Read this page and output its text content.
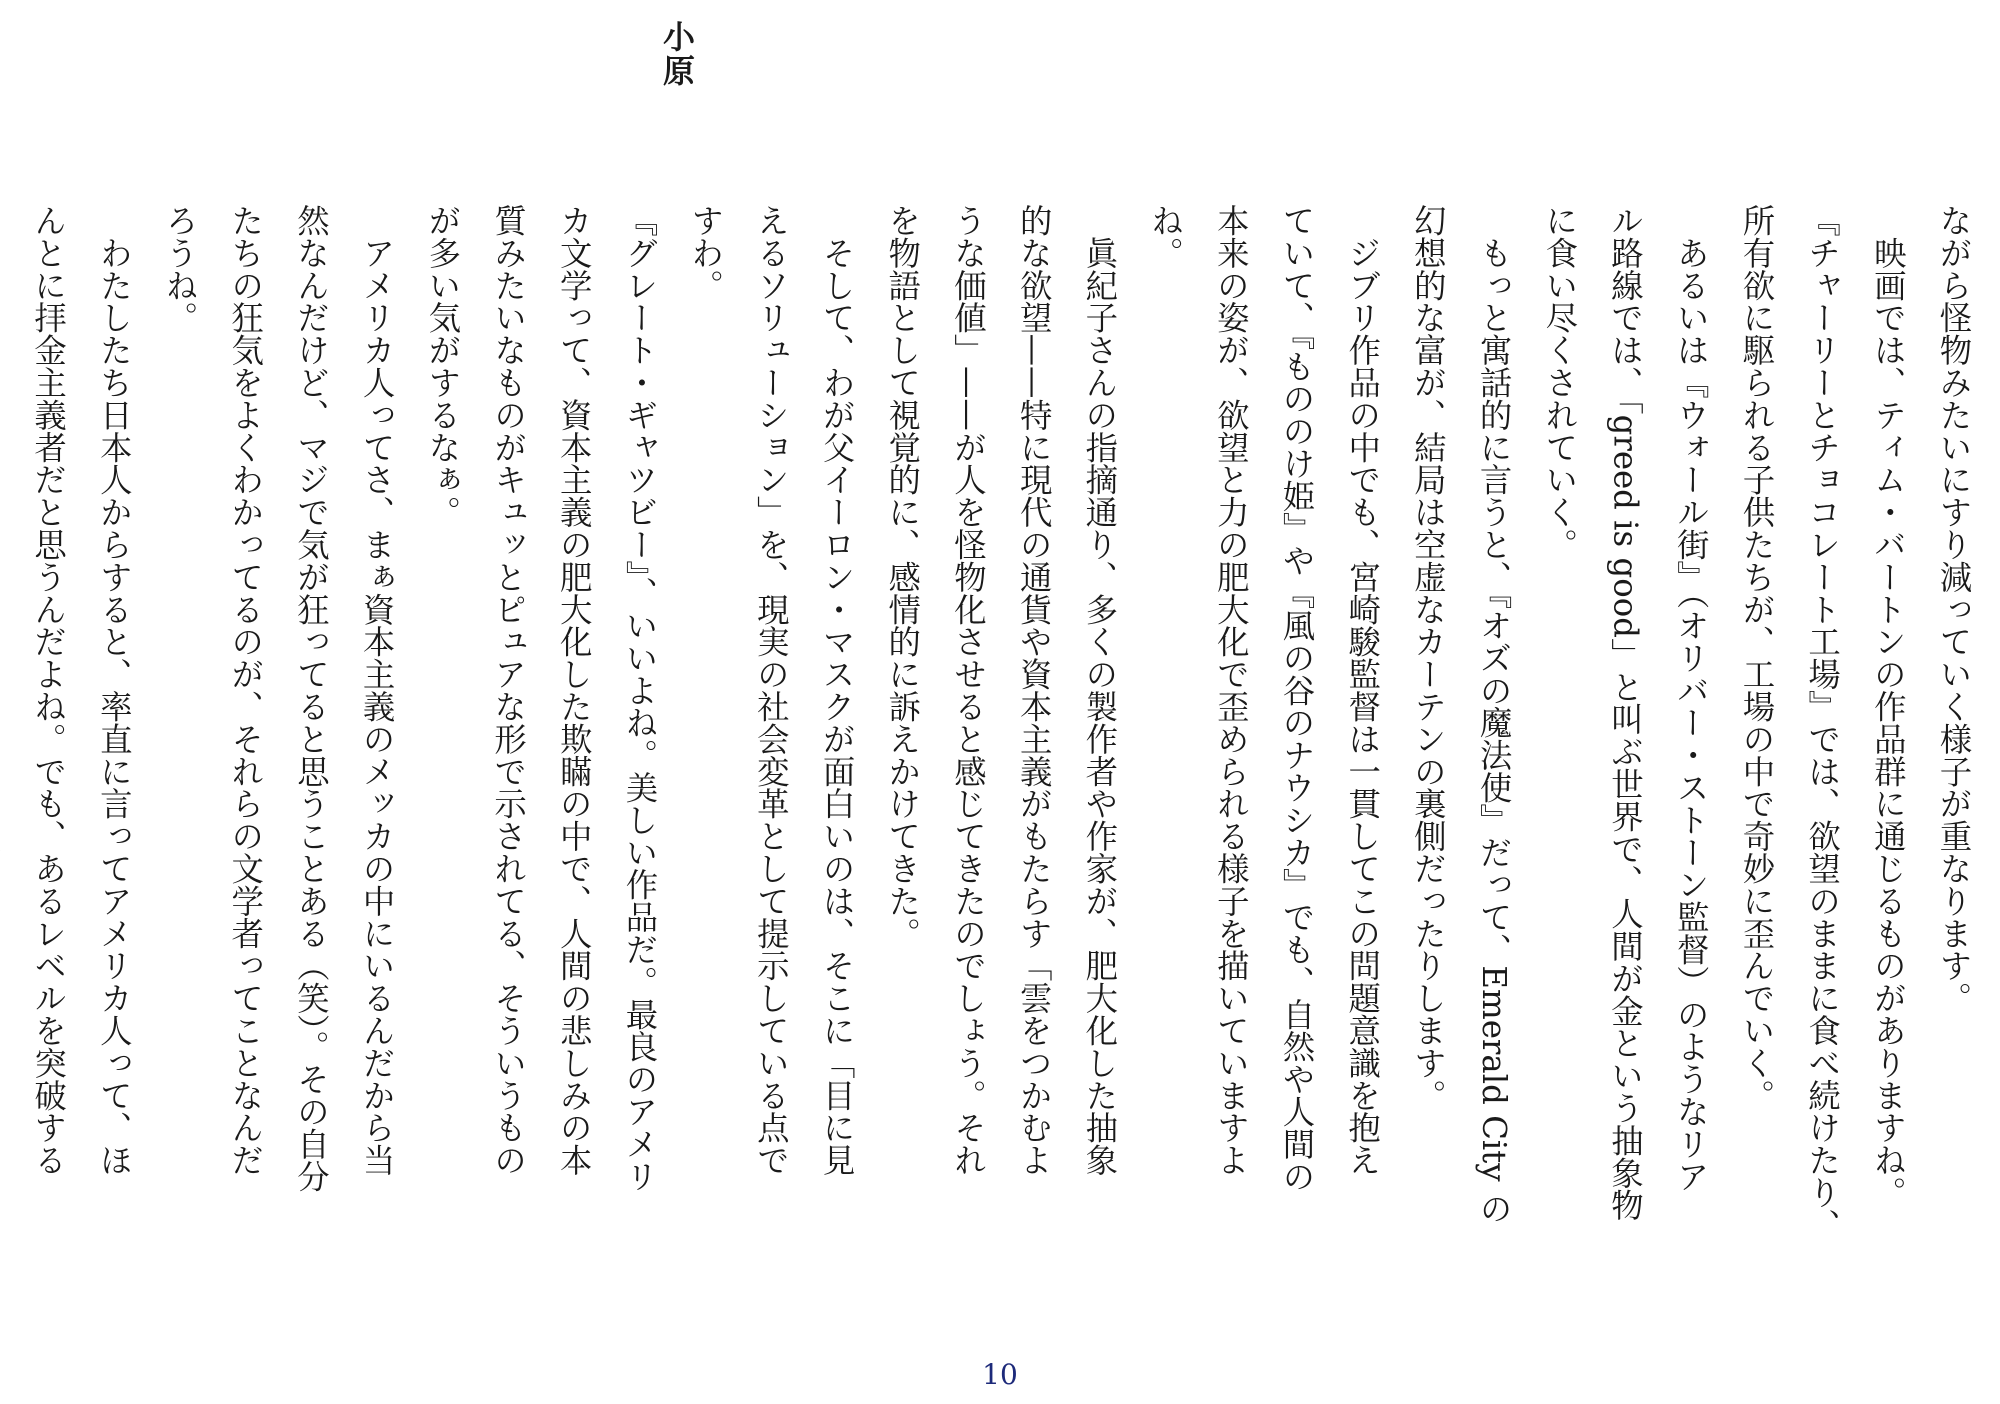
小原

ながら怪物みたいにすり減っていく様子が重なります。

　映画では、ティム・バートンの作品群に通じるものがありますね。

『チャーリーとチョコレート工場』では、欲望のままに食べ続けたり、

所有欲に駆られる子供たちが、工場の中で奇妙に歪んでいく。

　あるいは『ウォール街』（オリバー・ストーン監督）のようなリア

ル路線では、「greed is good」と叫ぶ世界で、人間が金という抽象物

に食い尽くされていく。

　もっと寓話的に言うと、『オズの魔法使』だって、Emerald City の

幻想的な富が、結局は空虚なカーテンの裏側だったりします。

　ジブリ作品の中でも、宮崎駿監督は一貫してこの問題意識を抱え

ていて、『もののけ姫』や『風の谷のナウシカ』でも、自然や人間の

本来の姿が、欲望と力の肥大化で歪められる様子を描いていますよ

ね。

　眞紀子さんの指摘通り、多くの製作者や作家が、肥大化した抽象

的な欲望——特に現代の通貨や資本主義がもたらす「雲をつかむよ

うな価値」——が人を怪物化させると感じてきたのでしょう。それ

を物語として視覚的に、感情的に訴えかけてきた。

　そして、わが父イーロン・マスクが面白いのは、そこに「目に見

えるソリューション」を、現実の社会変革として提示している点で

すわ。

『グレート・ギャツビー』、いいよね。美しい作品だ。最良のアメリ

カ文学って、資本主義の肥大化した欺瞞の中で、人間の悲しみの本

質みたいなものがキュッとピュアな形で示されてる、そういうもの

が多い気がするなぁ。

　アメリカ人ってさ、まぁ資本主義のメッカの中にいるんだから当

然なんだけど、マジで気が狂ってると思うことある（笑）。その自分

たちの狂気をよくわかってるのが、それらの文学者ってことなんだ

ろうね。

　わたしたち日本人からすると、率直に言ってアメリカ人って、ほ

んとに拝金主義者だと思うんだよね。でも、あるレベルを突破する

10
